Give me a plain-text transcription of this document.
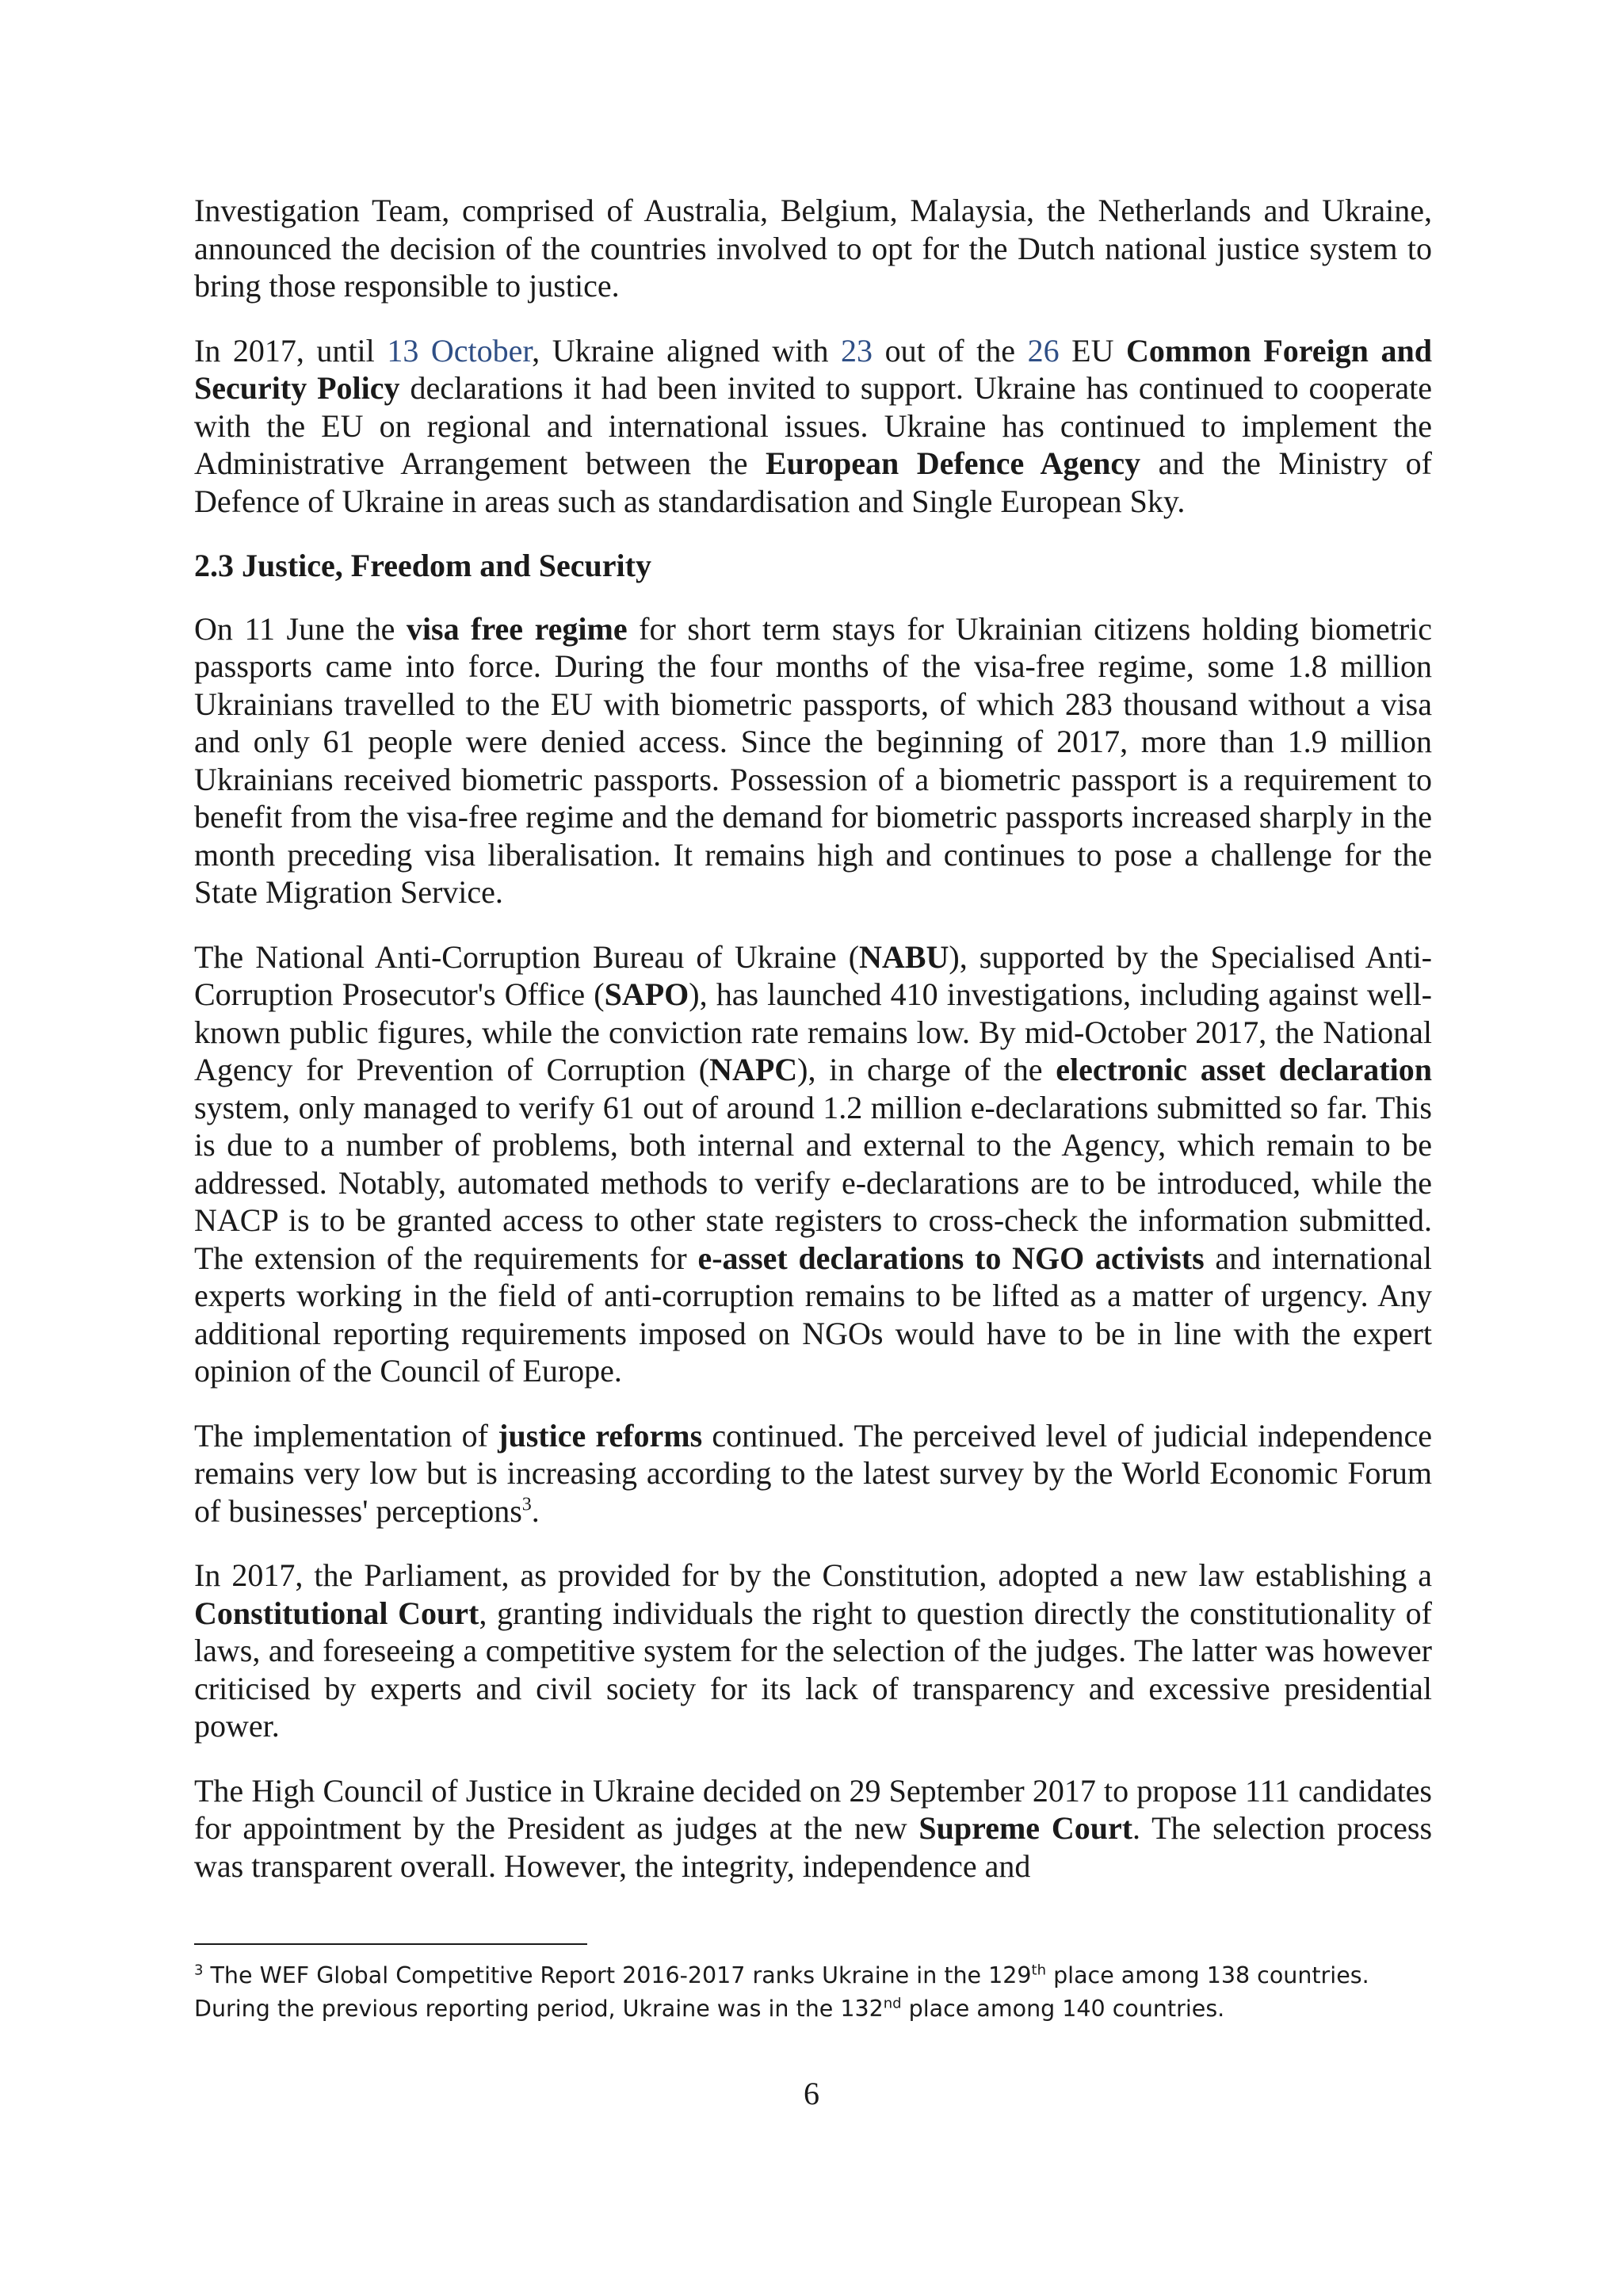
Investigation Team, comprised of Australia, Belgium, Malaysia, the Netherlands and Ukraine, announced the decision of the countries involved to opt for the Dutch national justice system to bring those responsible to justice.

In 2017, until 13 October, Ukraine aligned with 23 out of the 26 EU Common Foreign and Security Policy declarations it had been invited to support. Ukraine has continued to cooperate with the EU on regional and international issues. Ukraine has continued to implement the Administrative Arrangement between the European Defence Agency and the Ministry of Defence of Ukraine in areas such as standardisation and Single European Sky.

2.3 Justice, Freedom and Security

On 11 June the visa free regime for short term stays for Ukrainian citizens holding biometric passports came into force. During the four months of the visa-free regime, some 1.8 million Ukrainians travelled to the EU with biometric passports, of which 283 thousand without a visa and only 61 people were denied access. Since the beginning of 2017, more than 1.9 million Ukrainians received biometric passports. Possession of a biometric passport is a requirement to benefit from the visa-free regime and the demand for biometric passports increased sharply in the month preceding visa liberalisation. It remains high and continues to pose a challenge for the State Migration Service.

The National Anti-Corruption Bureau of Ukraine (NABU), supported by the Specialised Anti-Corruption Prosecutor's Office (SAPO), has launched 410 investigations, including against well-known public figures, while the conviction rate remains low. By mid-October 2017, the National Agency for Prevention of Corruption (NAPC), in charge of the electronic asset declaration system, only managed to verify 61 out of around 1.2 million e-declarations submitted so far. This is due to a number of problems, both internal and external to the Agency, which remain to be addressed. Notably, automated methods to verify e-declarations are to be introduced, while the NACP is to be granted access to other state registers to cross-check the information submitted. The extension of the requirements for e-asset declarations to NGO activists and international experts working in the field of anti-corruption remains to be lifted as a matter of urgency. Any additional reporting requirements imposed on NGOs would have to be in line with the expert opinion of the Council of Europe.

The implementation of justice reforms continued. The perceived level of judicial independence remains very low but is increasing according to the latest survey by the World Economic Forum of businesses' perceptions$^3$.

In 2017, the Parliament, as provided for by the Constitution, adopted a new law establishing a Constitutional Court, granting individuals the right to question directly the constitutionality of laws, and foreseeing a competitive system for the selection of the judges. The latter was however criticised by experts and civil society for its lack of transparency and excessive presidential power.

The High Council of Justice in Ukraine decided on 29 September 2017 to propose 111 candidates for appointment by the President as judges at the new Supreme Court. The selection process was transparent overall. However, the integrity, independence and

$^3$ The WEF Global Competitive Report 2016-2017 ranks Ukraine in the 129th place among 138 countries. During the previous reporting period, Ukraine was in the 132nd place among 140 countries.

6
